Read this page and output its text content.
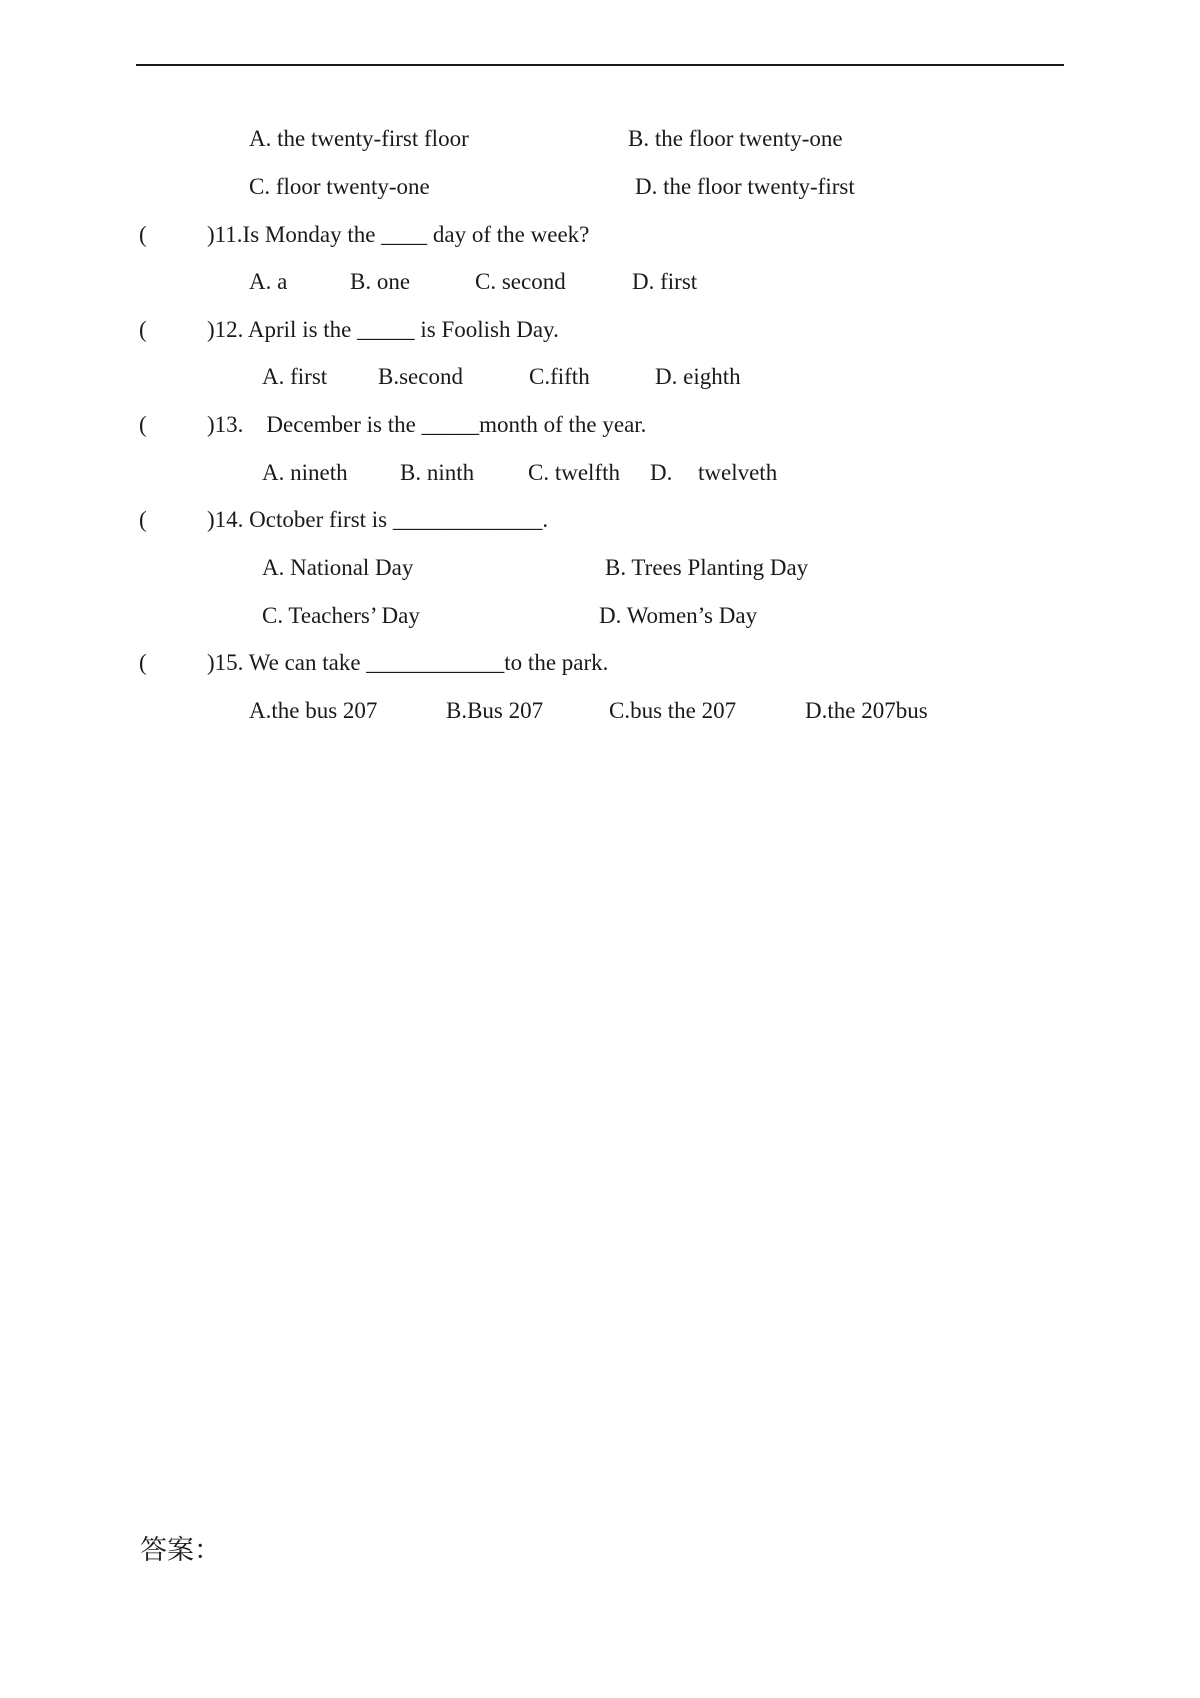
A. the twenty-first floor	B. the floor twenty-one
C. floor twenty-one	D. the floor twenty-first
(	)11.Is Monday the ____ day of the week?
A. a	B. one	C. second	D. first
(	)12. April is the _____ is Foolish Day.
A. first B.second	C.fifth	D. eighth
(	)13.    December is the _____month of the year.
A. nineth B. ninth C. twelfth D. twelveth
(	)14. October first is _____________.
A. National Day	B. Trees Planting Day
C. Teachers’ Day	D. Women’s Day
(	)15. We can take ____________to the park.
A.the bus 207	B.Bus 207	C.bus the 207	D.the 207bus
答案：
